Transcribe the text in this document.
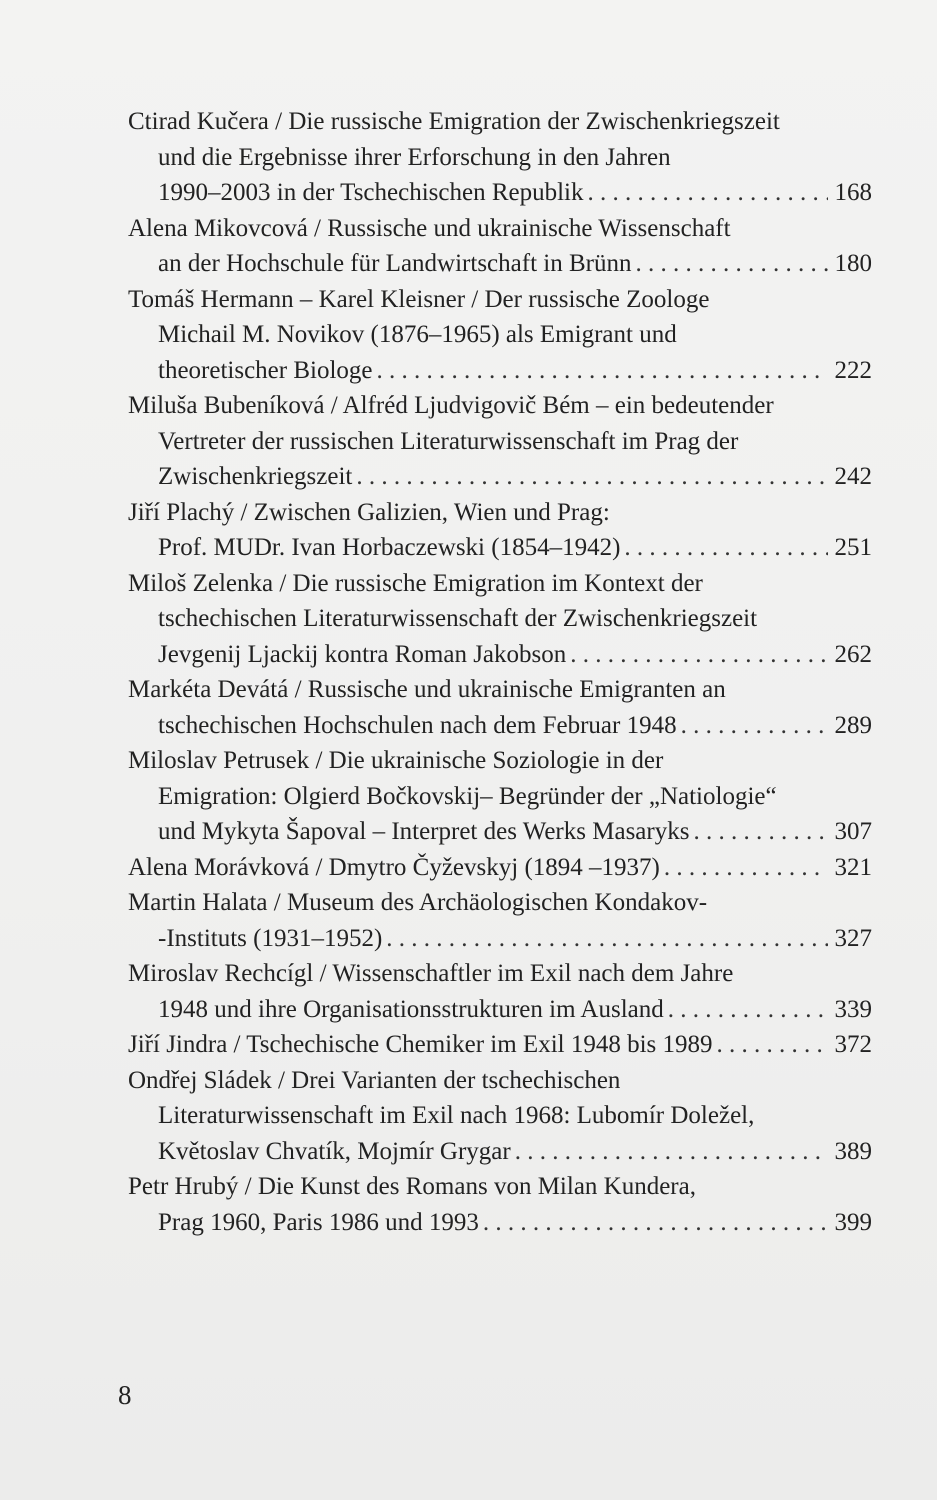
Ctirad Kučera / Die russische Emigration der Zwischenkriegszeit
und die Ergebnisse ihrer Erforschung in den Jahren
1990–2003 in der Tschechischen Republik . . .	168
Alena Mikovcová / Russische und ukrainische Wissenschaft
an der Hochschule für Landwirtschaft in Brünn . . .	180
Tomáš Hermann – Karel Kleisner / Der russische Zoologe
Michail M. Novikov (1876–1965) als Emigrant und
theoretischer Biologe . . .	222
Miluša Bubeníková / Alfréd Ljudvigovič Bém – ein bedeutender
Vertreter der russischen Literaturwissenschaft im Prag der
Zwischenkriegszeit . . .	242
Jiří Plachý / Zwischen Galizien, Wien und Prag:
Prof. MUDr. Ivan Horbaczewski (1854–1942) . . .	251
Miloš Zelenka / Die russische Emigration im Kontext der
tschechischen Literaturwissenschaft der Zwischenkriegszeit
Jevgenij Ljackij kontra Roman Jakobson . . .	262
Markéta Devátá / Russische und ukrainische Emigranten an
tschechischen Hochschulen nach dem Februar 1948 . . .	289
Miloslav Petrusek / Die ukrainische Soziologie in der
Emigration: Olgierd Bočkovskij– Begründer der „Natiologie“
und Mykyta Šapoval – Interpret des Werks Masaryks . . .	307
Alena Morávková / Dmytro Čyževskyj (1894 –1937) . . .	321
Martin Halata / Museum des Archäologischen Kondakov-
-Instituts (1931–1952) . . .	327
Miroslav Rechcígl / Wissenschaftler im Exil nach dem Jahre
1948 und ihre Organisationsstrukturen im Ausland . . .	339
Jiří Jindra / Tschechische Chemiker im Exil 1948 bis 1989 . . .	372
Ondřej Sládek / Drei Varianten der tschechischen
Literaturwissenschaft im Exil nach 1968: Lubomír Doležel,
Květoslav Chvatík, Mojmír Grygar . . .	389
Petr Hrubý / Die Kunst des Romans von Milan Kundera,
Prag 1960, Paris 1986 und 1993 . . .	399
8
